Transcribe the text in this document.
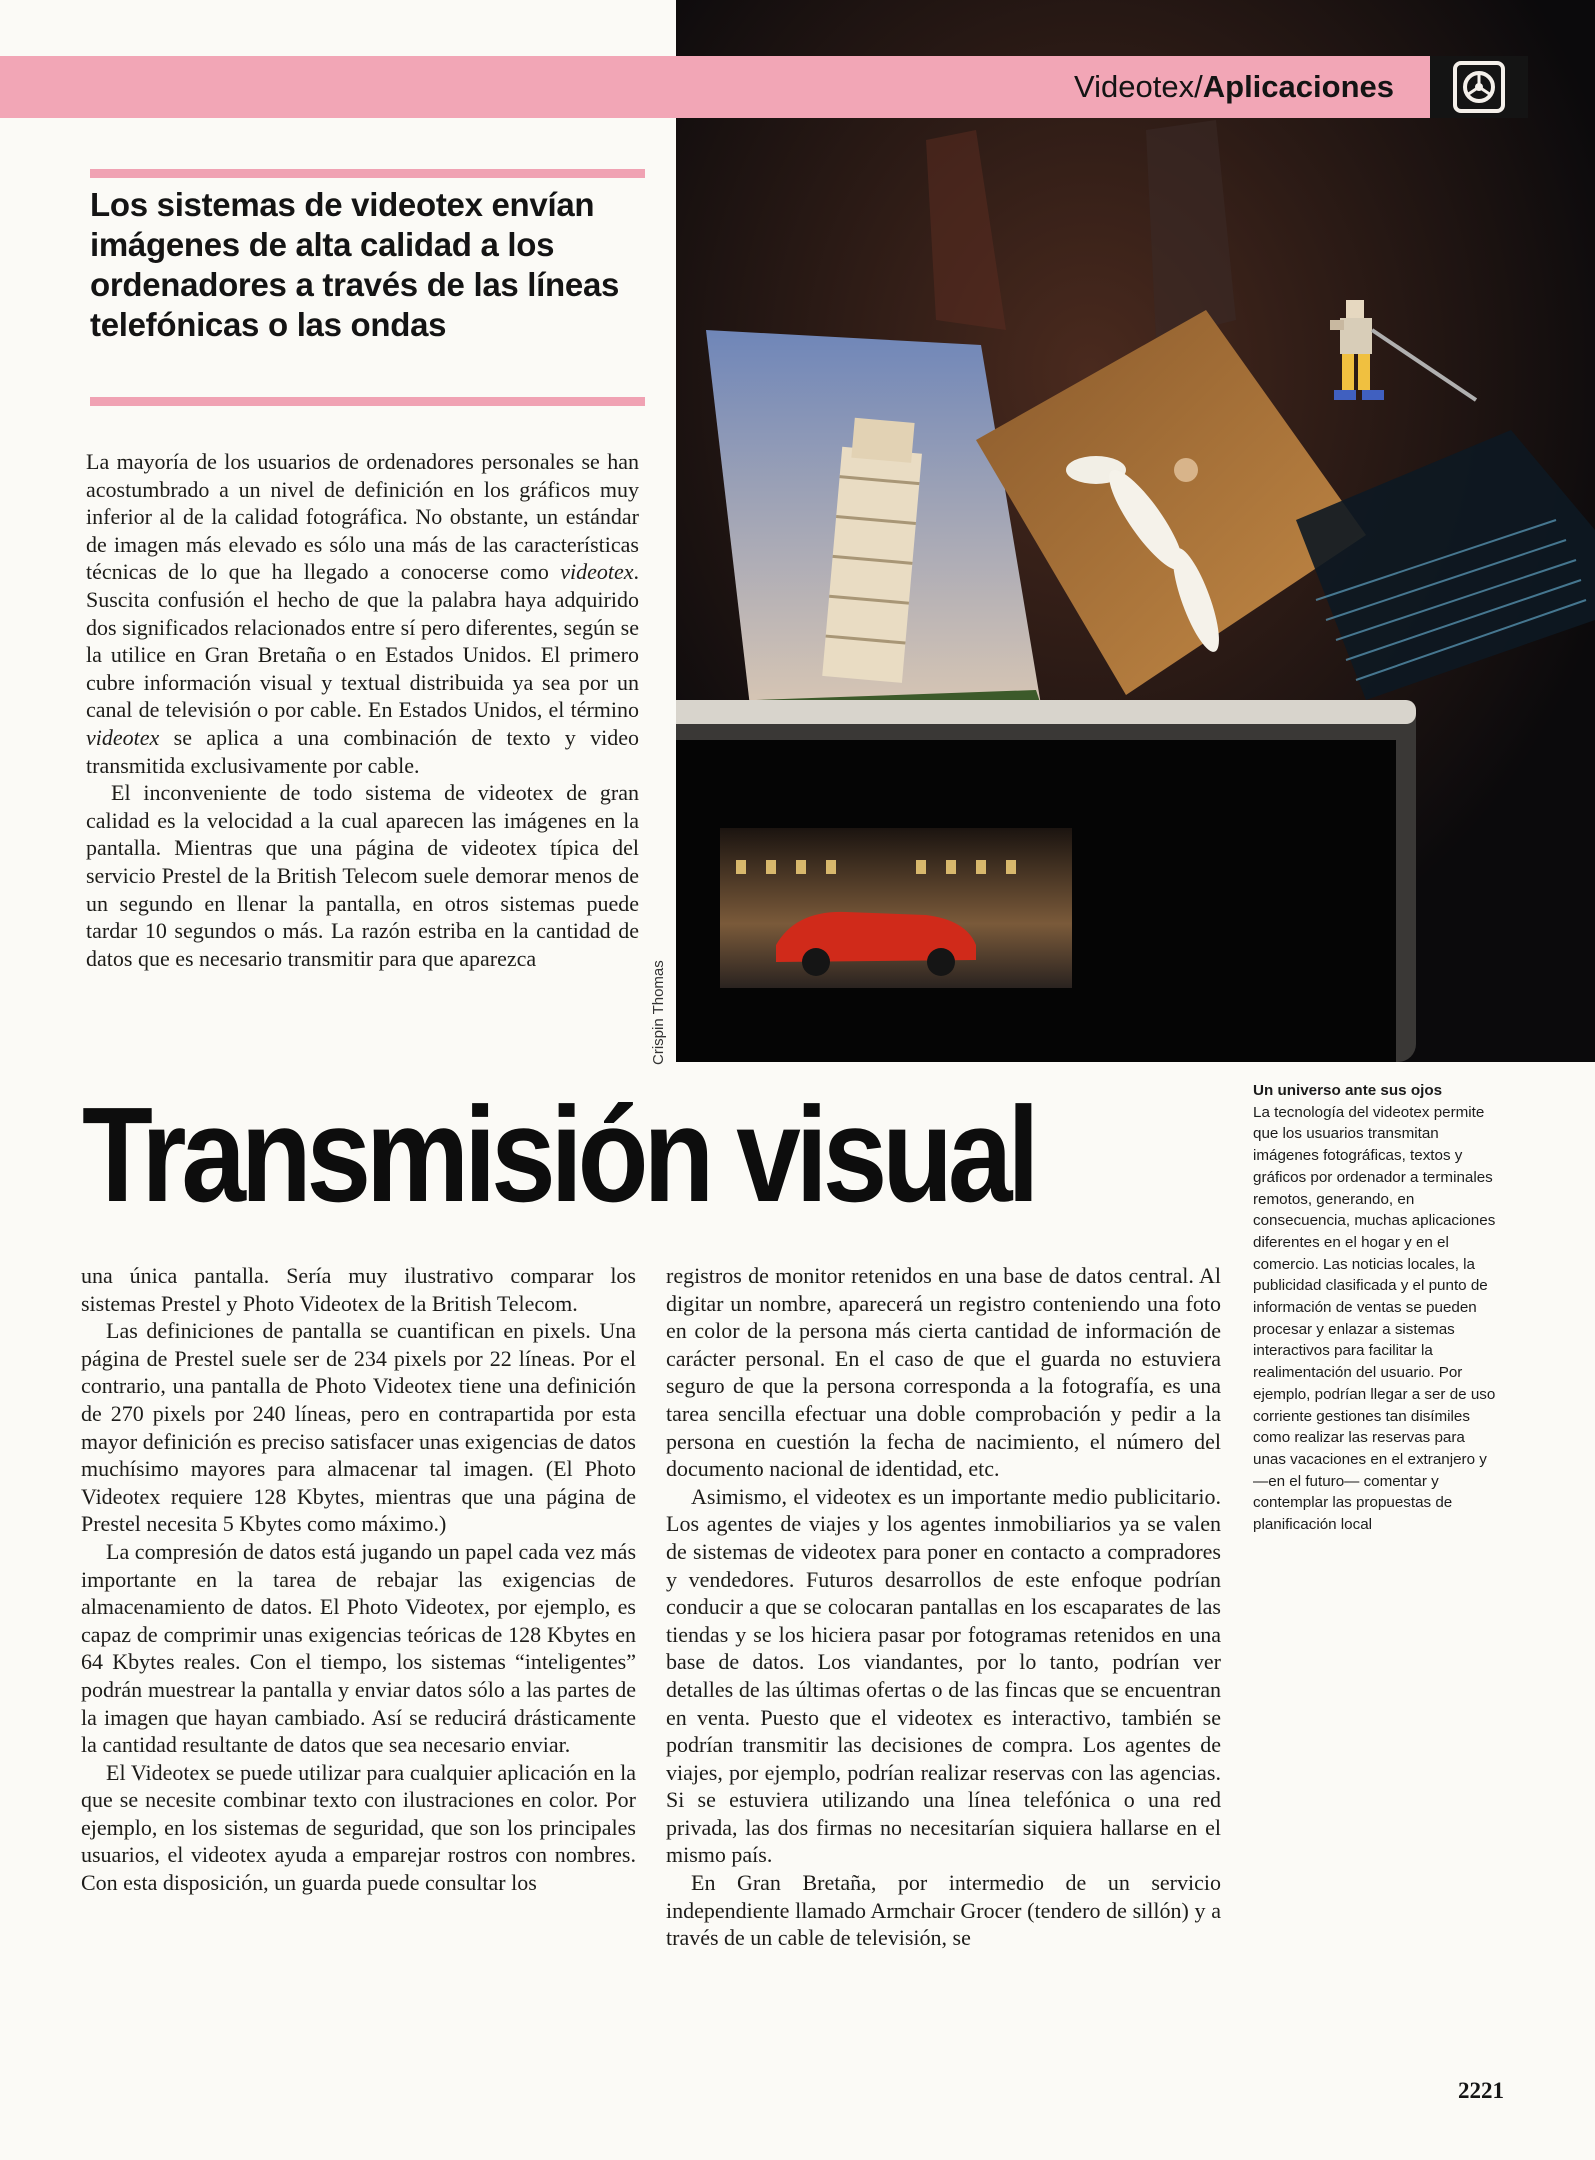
Videotex/ Aplicaciones
Los sistemas de videotex envían imágenes de alta calidad a los ordenadores a través de las líneas telefónicas o las ondas

La mayoría de los usuarios de ordenadores personales se han acostumbrado a un nivel de definición en los gráficos muy inferior al de la calidad fotográfica. No obstante, un estándar de imagen más elevado es sólo una más de las características técnicas de lo que ha llegado a conocerse como videotex. Suscita confusión el hecho de que la palabra haya adquirido dos significados relacionados entre sí pero diferentes, según se la utilice en Gran Bretaña o en Estados Unidos. El primero cubre información visual y textual distribuida ya sea por un canal de televisión o por cable. En Estados Unidos, el término videotex se aplica a una combinación de texto y video transmitida exclusivamente por cable.

El inconveniente de todo sistema de videotex de gran calidad es la velocidad a la cual aparecen las imágenes en la pantalla. Mientras que una página de videotex típica del servicio Prestel de la British Telecom suele demorar menos de un segundo en llenar la pantalla, en otros sistemas puede tardar 10 segundos o más. La razón estriba en la cantidad de datos que es necesario transmitir para que aparezca

Crispin Thomas
Transmisión visual	Un universo ante sus ojos
La tecnología del videotex permite que los usuarios transmitan imágenes fotográficas, textos y gráficos por ordenador a terminales remotos, generando, en consecuencia, muchas aplicaciones diferentes en el hogar y en el comercio. Las noticias locales, la publicidad clasificada y el punto de información de ventas se pueden procesar y enlazar a sistemas interactivos para facilitar la realimentación del usuario. Por ejemplo, podrían llegar a ser de uso corriente gestiones tan disímiles como realizar las reservas para unas vacaciones en el extranjero y —en el futuro— comentar y contemplar las propuestas de planificación local

una única pantalla. Sería muy ilustrativo comparar los sistemas Prestel y Photo Videotex de la British Telecom.

Las definiciones de pantalla se cuantifican en pixels. Una página de Prestel suele ser de 234 pixels por 22 líneas. Por el contrario, una pantalla de Photo Videotex tiene una definición de 270 pixels por 240 líneas, pero en contrapartida por esta mayor definición es preciso satisfacer unas exigencias de datos muchísimo mayores para almacenar tal imagen. (El Photo Videotex requiere 128 Kbytes, mientras que una página de Prestel necesita 5 Kbytes como máximo.)

La compresión de datos está jugando un papel cada vez más importante en la tarea de rebajar las exigencias de almacenamiento de datos. El Photo Videotex, por ejemplo, es capaz de comprimir unas exigencias teóricas de 128 Kbytes en 64 Kbytes reales. Con el tiempo, los sistemas “inteligentes” podrán muestrear la pantalla y enviar datos sólo a las partes de la imagen que hayan cambiado. Así se reducirá drásticamente la cantidad resultante de datos que sea necesario enviar.

El Videotex se puede utilizar para cualquier aplicación en la que se necesite combinar texto con ilustraciones en color. Por ejemplo, en los sistemas de seguridad, que son los principales usuarios, el videotex ayuda a emparejar rostros con nombres. Con esta disposición, un guarda puede consultar los

registros de monitor retenidos en una base de datos central. Al digitar un nombre, aparecerá un registro conteniendo una foto en color de la persona más cierta cantidad de información de carácter personal. En el caso de que el guarda no estuviera seguro de que la persona corresponda a la fotografía, es una tarea sencilla efectuar una doble comprobación y pedir a la persona en cuestión la fecha de nacimiento, el número del documento nacional de identidad, etc.

Asimismo, el videotex es un importante medio publicitario. Los agentes de viajes y los agentes inmobiliarios ya se valen de sistemas de videotex para poner en contacto a compradores y vendedores. Futuros desarrollos de este enfoque podrían conducir a que se colocaran pantallas en los escaparates de las tiendas y se los hiciera pasar por fotogramas retenidos en una base de datos. Los viandantes, por lo tanto, podrían ver detalles de las últimas ofertas o de las fincas que se encuentran en venta. Puesto que el videotex es interactivo, también se podrían transmitir las decisiones de compra. Los agentes de viajes, por ejemplo, podrían realizar reservas con las agencias. Si se estuviera utilizando una línea telefónica o una red privada, las dos firmas no necesitarían siquiera hallarse en el mismo país.

En Gran Bretaña, por intermedio de un servicio independiente llamado Armchair Grocer (tendero de sillón) y a través de un cable de televisión, se

2221
